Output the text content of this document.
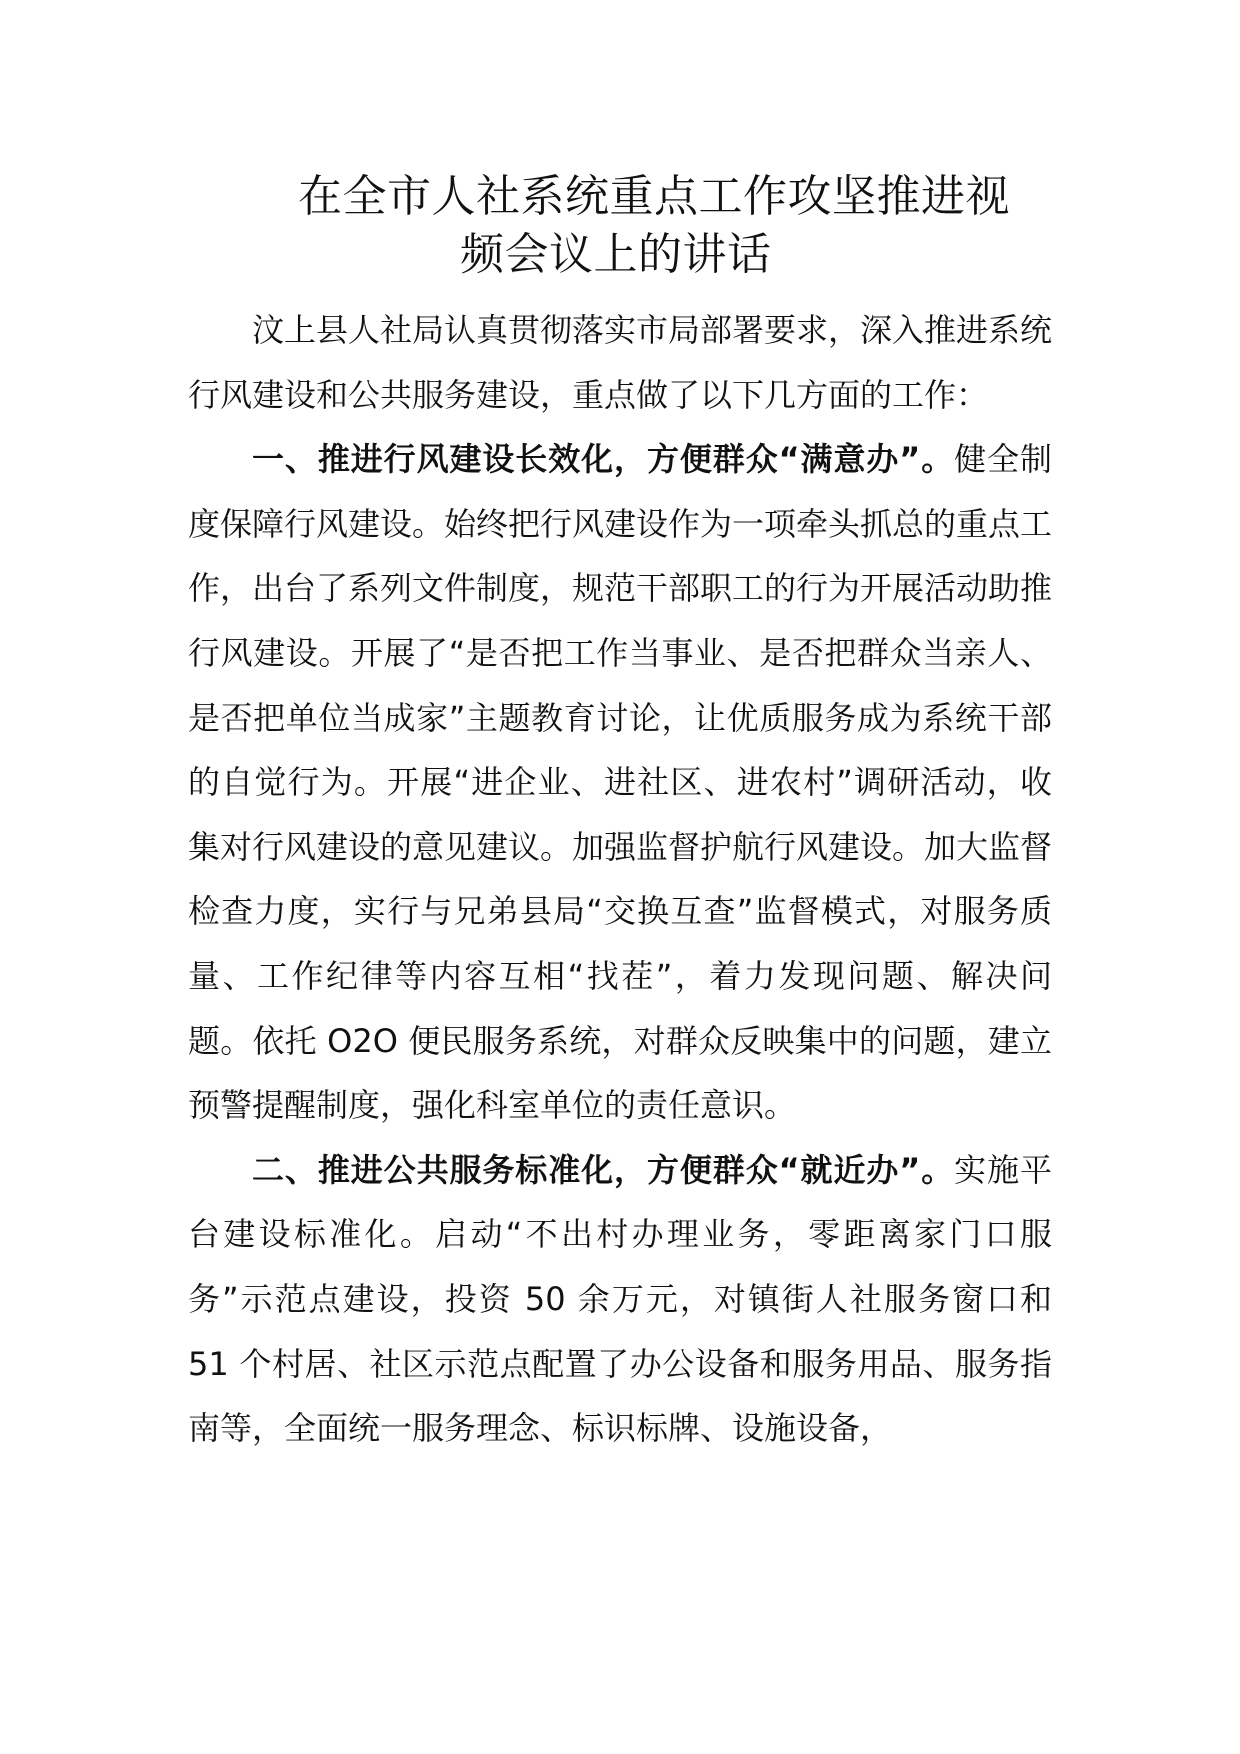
在全市人社系统重点工作攻坚推进视
频会议上的讲话

汶上县人社局认真贯彻落实市局部署要求，深入推进系统行风建设和公共服务建设，重点做了以下几方面的工作：

一、推进行风建设长效化，方便群众“满意办”。健全制度保障行风建设。始终把行风建设作为一项牵头抓总的重点工作，出台了系列文件制度，规范干部职工的行为开展活动助推行风建设。开展了“是否把工作当事业、是否把群众当亲人、是否把单位当成家”主题教育讨论，让优质服务成为系统干部的自觉行为。开展“进企业、进社区、进农村”调研活动，收集对行风建设的意见建议。加强监督护航行风建设。加大监督检查力度，实行与兄弟县局“交换互查”监督模式，对服务质量、工作纪律等内容互相“找茬”，着力发现问题、解决问题。依托 O2O 便民服务系统，对群众反映集中的问题，建立预警提醒制度，强化科室单位的责任意识。

二、推进公共服务标准化，方便群众“就近办”。实施平台建设标准化。启动“不出村办理业务，零距离家门口服务”示范点建设，投资 50 余万元，对镇街人社服务窗口和 51 个村居、社区示范点配置了办公设备和服务用品、服务指南等，全面统一服务理念、标识标牌、设施设备，
